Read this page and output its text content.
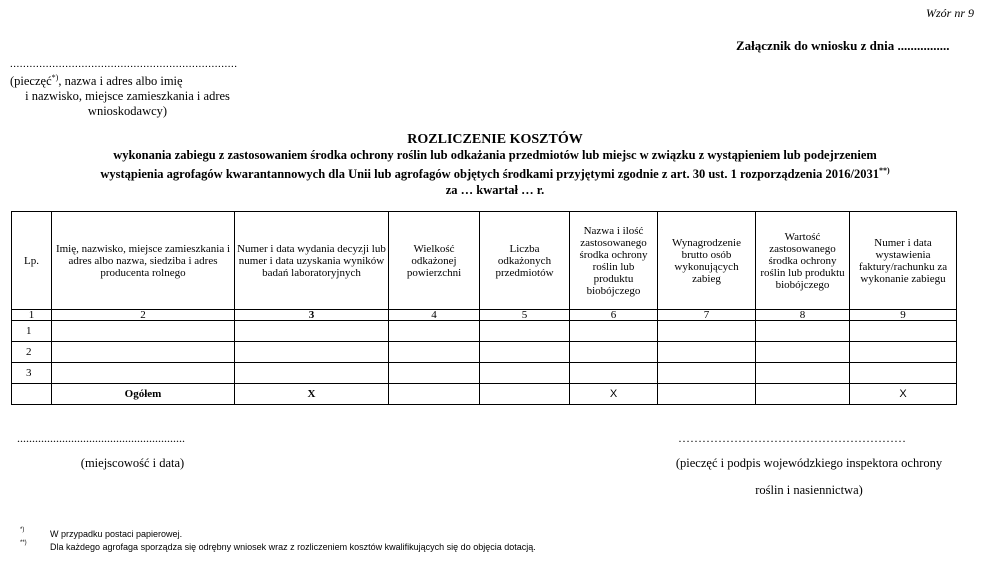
Wzór nr 9
Załącznik do wniosku z dnia ................
......................................................................
(pieczęć*), nazwa i adres albo imię
i nazwisko, miejsce zamieszkania i adres
wnioskodawcy)
ROZLICZENIE KOSZTÓW
wykonania zabiegu z zastosowaniem środka ochrony roślin lub odkażania przedmiotów lub miejsc w związku z wystąpieniem lub podejrzeniem
wystąpienia agrofagów kwarantannowych dla Unii lub agrofagów objętych środkami przyjętymi zgodnie z art. 30 ust. 1 rozporządzenia 2016/2031**)
za … kwartał … r.
Lp.	Imię, nazwisko, miejsce zamieszkania i adres albo nazwa, siedziba i adres producenta rolnego	Numer i data wydania decyzji lub numer i data uzyskania wyników badań laboratoryjnych	Wielkość odkażonej powierzchni	Liczba odkażonych przedmiotów	Nazwa i ilość zastosowanego środka ochrony roślin lub produktu biobójczego	Wynagrodzenie brutto osób wykonujących zabieg	Wartość zastosowanego środka ochrony roślin lub produktu biobójczego	Numer i data wystawienia faktury/rachunku za wykonanie zabiegu
1	2	3	4	5	6	7	8	9
1								
2								
3								
	Ogółem	X			X			X
........................................................
(miejscowość i data)
…………………………………………………
(pieczęć i podpis wojewódzkiego inspektora ochrony
roślin i nasiennictwa)
*)	W przypadku postaci papierowej.
**)	Dla każdego agrofaga sporządza się odrębny wniosek wraz z rozliczeniem kosztów kwalifikujących się do objęcia dotacją.
